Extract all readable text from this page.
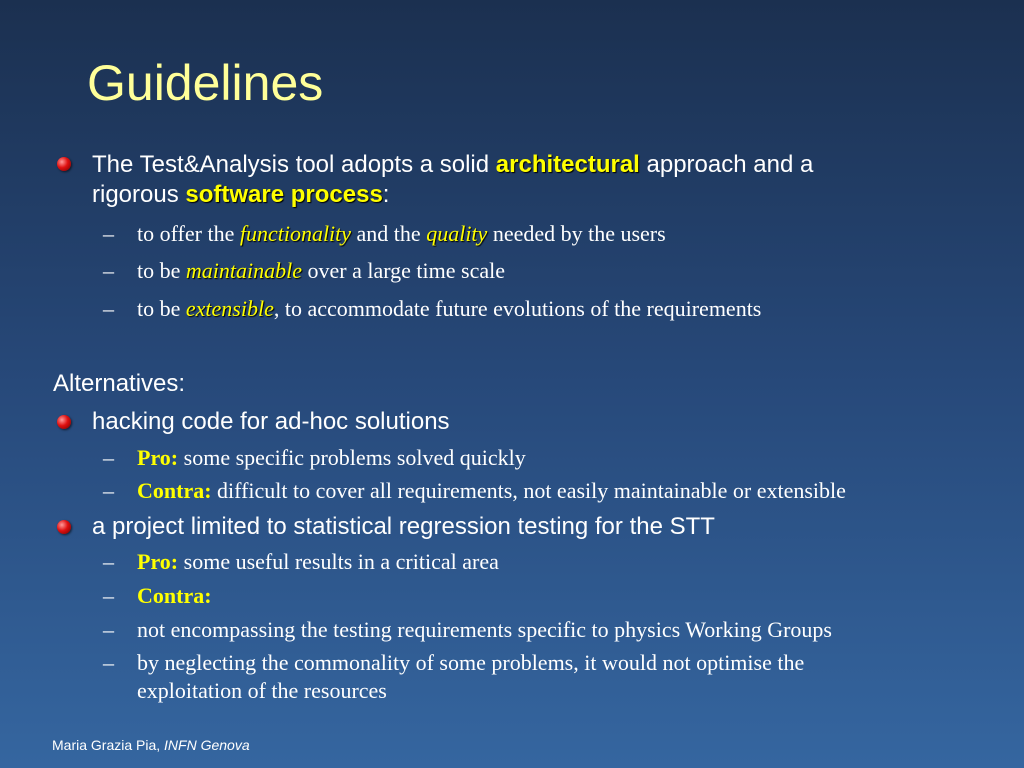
Guidelines
The Test&Analysis tool adopts a solid architectural approach and a
rigorous software process:
– to offer the functionality and the quality needed by the users
– to be maintainable over a large time scale
– to be extensible, to accommodate future evolutions of the requirements
Alternatives:
hacking code for ad-hoc solutions
– Pro: some specific problems solved quickly
– Contra: difficult to cover all requirements, not easily maintainable or extensible
a project limited to statistical regression testing for the STT
– Pro: some useful results in a critical area
– Contra:
– not encompassing the testing requirements specific to physics Working Groups
– by neglecting the commonality of some problems, it would not optimise the
exploitation of the resources
Maria Grazia Pia, INFN Genova
